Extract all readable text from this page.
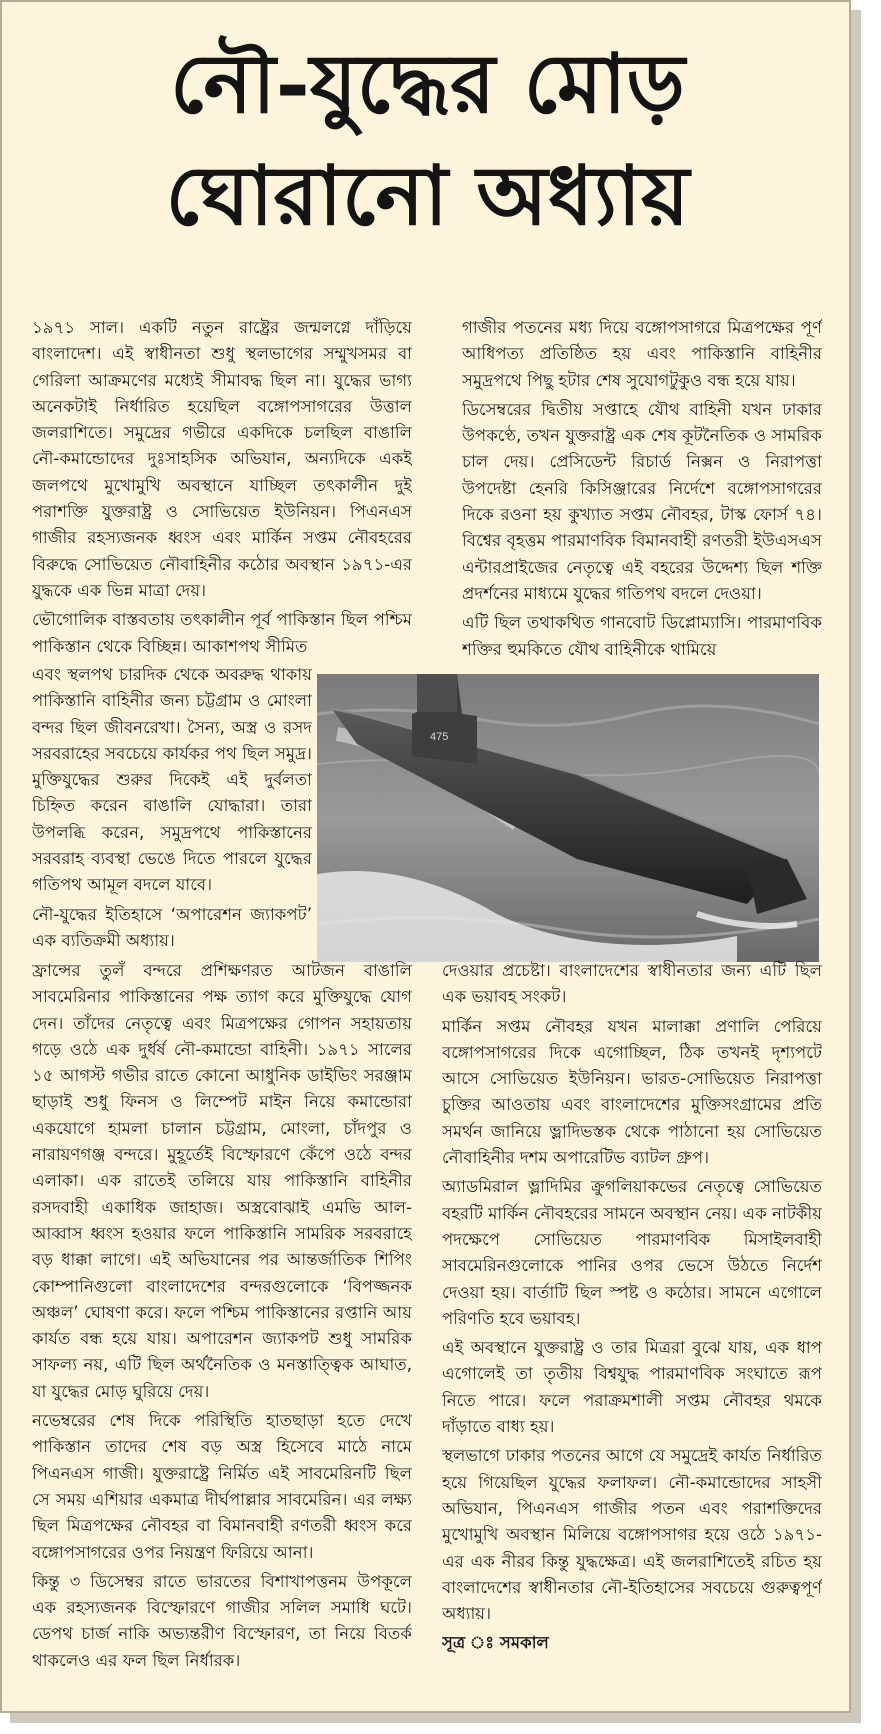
নৌ-যুদ্ধের মোড়
ঘোরানো অধ্যায়

১৯৭১ সাল। একটি নতুন রাষ্ট্রের জন্মলগ্নে দাঁড়িয়ে বাংলাদেশ। এই স্বাধীনতা শুধু স্থলভাগের সম্মুখসমর বা গেরিলা আক্রমণের মধ্যেই সীমাবদ্ধ ছিল না। যুদ্ধের ভাগ্য অনেকটাই নির্ধারিত হয়েছিল বঙ্গোপসাগরের উত্তাল জলরাশিতে। সমুদ্রের গভীরে একদিকে চলছিল বাঙালি নৌ-কমান্ডোদের দুঃসাহসিক অভিযান, অন্যদিকে একই জলপথে মুখোমুখি অবস্থানে যাচ্ছিল তৎকালীন দুই পরাশক্তি যুক্তরাষ্ট্র ও সোভিয়েত ইউনিয়ন। পিএনএস গাজীর রহস্যজনক ধ্বংস এবং মার্কিন সপ্তম নৌবহরের বিরুদ্ধে সোভিয়েত নৌবাহিনীর কঠোর অবস্থান ১৯৭১-এর যুদ্ধকে এক ভিন্ন মাত্রা দেয়।

ভৌগোলিক বাস্তবতায় তৎকালীন পূর্ব পাকিস্তান ছিল পশ্চিম পাকিস্তান থেকে বিচ্ছিন্ন। আকাশপথ সীমিত

গাজীর পতনের মধ্য দিয়ে বঙ্গোপসাগরে মিত্রপক্ষের পূর্ণ আধিপত্য প্রতিষ্ঠিত হয় এবং পাকিস্তানি বাহিনীর সমুদ্রপথে পিছু হটার শেষ সুযোগটুকুও বন্ধ হয়ে যায়।

ডিসেম্বরের দ্বিতীয় সপ্তাহে যৌথ বাহিনী যখন ঢাকার উপকণ্ঠে, তখন যুক্তরাষ্ট্র এক শেষ কূটনৈতিক ও সামরিক চাল দেয়। প্রেসিডেন্ট রিচার্ড নিক্সন ও নিরাপত্তা উপদেষ্টা হেনরি কিসিঞ্জারের নির্দেশে বঙ্গোপসাগরের দিকে রওনা হয় কুখ্যাত সপ্তম নৌবহর, টাস্ক ফোর্স ৭৪। বিশ্বের বৃহত্তম পারমাণবিক বিমানবাহী রণতরী ইউএসএস এন্টারপ্রাইজের নেতৃত্বে এই বহরের উদ্দেশ্য ছিল শক্তি প্রদর্শনের মাধ্যমে যুদ্ধের গতিপথ বদলে দেওয়া।

এটি ছিল তথাকথিত গানবোট ডিপ্লোম্যাসি। পারমাণবিক শক্তির হুমকিতে যৌথ বাহিনীকে থামিয়ে

এবং স্থলপথ চারদিক থেকে অবরুদ্ধ থাকায় পাকিস্তানি বাহিনীর জন্য চট্টগ্রাম ও মোংলা বন্দর ছিল জীবনরেখা। সৈন্য, অস্ত্র ও রসদ সরবরাহের সবচেয়ে কার্যকর পথ ছিল সমুদ্র। মুক্তিযুদ্ধের শুরুর দিকেই এই দুর্বলতা চিহ্নিত করেন বাঙালি যোদ্ধারা। তারা উপলব্ধি করেন, সমুদ্রপথে পাকিস্তানের সরবরাহ ব্যবস্থা ভেঙে দিতে পারলে যুদ্ধের গতিপথ আমূল বদলে যাবে।

নৌ-যুদ্ধের ইতিহাসে ‘অপারেশন জ্যাকপট’ এক ব্যতিক্রমী অধ্যায়।

475

ফ্রান্সের তুলঁ বন্দরে প্রশিক্ষণরত আটজন বাঙালি সাবমেরিনার পাকিস্তানের পক্ষ ত্যাগ করে মুক্তিযুদ্ধে যোগ দেন। তাঁদের নেতৃত্বে এবং মিত্রপক্ষের গোপন সহায়তায় গড়ে ওঠে এক দুর্ধর্ষ নৌ-কমান্ডো বাহিনী। ১৯৭১ সালের ১৫ আগস্ট গভীর রাতে কোনো আধুনিক ডাইভিং সরঞ্জাম ছাড়াই শুধু ফিনস ও লিম্পেট মাইন নিয়ে কমান্ডোরা একযোগে হামলা চালান চট্টগ্রাম, মোংলা, চাঁদপুর ও নারায়ণগঞ্জ বন্দরে। মুহূর্তেই বিস্ফোরণে কেঁপে ওঠে বন্দর এলাকা। এক রাতেই তলিয়ে যায় পাকিস্তানি বাহিনীর রসদবাহী একাধিক জাহাজ। অস্ত্রবোঝাই এমভি আল-আব্বাস ধ্বংস হওয়ার ফলে পাকিস্তানি সামরিক সরবরাহে বড় ধাক্কা লাগে। এই অভিযানের পর আন্তর্জাতিক শিপিং কোম্পানিগুলো বাংলাদেশের বন্দরগুলোকে ‘বিপজ্জনক অঞ্চল’ ঘোষণা করে। ফলে পশ্চিম পাকিস্তানের রপ্তানি আয় কার্যত বন্ধ হয়ে যায়। অপারেশন জ্যাকপট শুধু সামরিক সাফল্য নয়, এটি ছিল অর্থনৈতিক ও মনস্তাত্ত্বিক আঘাত, যা যুদ্ধের মোড় ঘুরিয়ে দেয়।

নভেম্বরের শেষ দিকে পরিস্থিতি হাতছাড়া হতে দেখে পাকিস্তান তাদের শেষ বড় অস্ত্র হিসেবে মাঠে নামে পিএনএস গাজী। যুক্তরাষ্ট্রে নির্মিত এই সাবমেরিনটি ছিল সে সময় এশিয়ার একমাত্র দীর্ঘপাল্লার সাবমেরিন। এর লক্ষ্য ছিল মিত্রপক্ষের নৌবহর বা বিমানবাহী রণতরী ধ্বংস করে বঙ্গোপসাগরের ওপর নিয়ন্ত্রণ ফিরিয়ে আনা।

কিন্তু ৩ ডিসেম্বর রাতে ভারতের বিশাখাপত্তনম উপকূলে এক রহস্যজনক বিস্ফোরণে গাজীর সলিল সমাধি ঘটে। ডেপথ চার্জ নাকি অভ্যন্তরীণ বিস্ফোরণ, তা নিয়ে বিতর্ক থাকলেও এর ফল ছিল নির্ধারক।

দেওয়ার প্রচেষ্টা। বাংলাদেশের স্বাধীনতার জন্য এটি ছিল এক ভয়াবহ সংকট।

মার্কিন সপ্তম নৌবহর যখন মালাক্কা প্রণালি পেরিয়ে বঙ্গোপসাগরের দিকে এগোচ্ছিল, ঠিক তখনই দৃশ্যপটে আসে সোভিয়েত ইউনিয়ন। ভারত-সোভিয়েত নিরাপত্তা চুক্তির আওতায় এবং বাংলাদেশের মুক্তিসংগ্রামের প্রতি সমর্থন জানিয়ে ভ্লাদিভস্তক থেকে পাঠানো হয় সোভিয়েত নৌবাহিনীর দশম অপারেটিভ ব্যাটল গ্রুপ।

অ্যাডমিরাল ভ্লাদিমির ক্রুগলিয়াকভের নেতৃত্বে সোভিয়েত বহরটি মার্কিন নৌবহরের সামনে অবস্থান নেয়। এক নাটকীয় পদক্ষেপে সোভিয়েত পারমাণবিক মিসাইলবাহী সাবমেরিনগুলোকে পানির ওপর ভেসে উঠতে নির্দেশ দেওয়া হয়। বার্তাটি ছিল স্পষ্ট ও কঠোর। সামনে এগোলে পরিণতি হবে ভয়াবহ।

এই অবস্থানে যুক্তরাষ্ট্র ও তার মিত্ররা বুঝে যায়, এক ধাপ এগোলেই তা তৃতীয় বিশ্বযুদ্ধ পারমাণবিক সংঘাতে রূপ নিতে পারে। ফলে পরাক্রমশালী সপ্তম নৌবহর থমকে দাঁড়াতে বাধ্য হয়।

স্থলভাগে ঢাকার পতনের আগে যে সমুদ্রেই কার্যত নির্ধারিত হয়ে গিয়েছিল যুদ্ধের ফলাফল। নৌ-কমান্ডোদের সাহসী অভিযান, পিএনএস গাজীর পতন এবং পরাশক্তিদের মুখোমুখি অবস্থান মিলিয়ে বঙ্গোপসাগর হয়ে ওঠে ১৯৭১-এর এক নীরব কিন্তু যুদ্ধক্ষেত্র। এই জলরাশিতেই রচিত হয় বাংলাদেশের স্বাধীনতার নৌ-ইতিহাসের সবচেয়ে গুরুত্বপূর্ণ অধ্যায়।

সূত্র ঃ সমকাল
